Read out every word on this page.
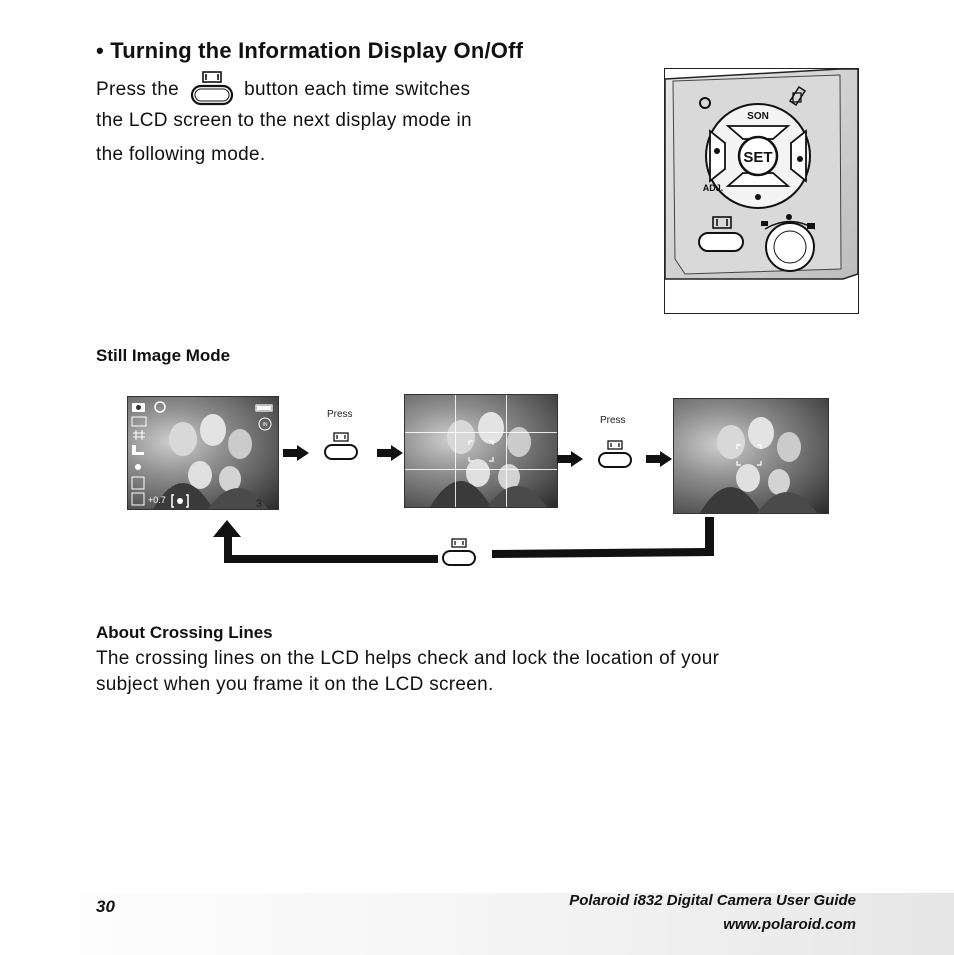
• Turning the Information Display On/Off
Press the	button each time switches
the LCD screen to the next display mode in
the following mode.	SET
SON
ADJ.
Still Image Mode
IN
+0.7	3
Press
Press
About Crossing Lines
The crossing lines on the LCD helps check and lock the location of your
subject when you frame it on the LCD screen.
30	Polaroid i832 Digital Camera User Guide
www.polaroid.com
